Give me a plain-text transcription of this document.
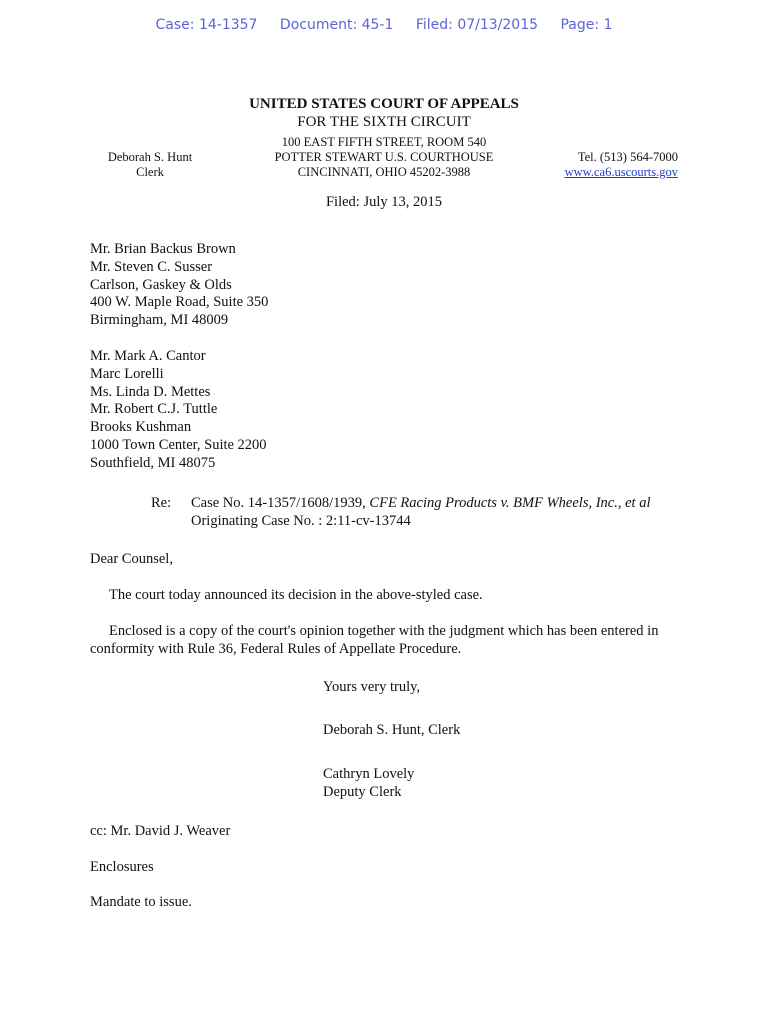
Case: 14-1357 Document: 45-1 Filed: 07/13/2015 Page: 1
UNITED STATES COURT OF APPEALS
FOR THE SIXTH CIRCUIT
100 EAST FIFTH STREET, ROOM 540
POTTER STEWART U.S. COURTHOUSE
CINCINNATI, OHIO 45202-3988
Deborah S. Hunt
Clerk
Tel. (513) 564-7000
www.ca6.uscourts.gov
Filed: July 13, 2015
Mr. Brian Backus Brown
Mr. Steven C. Susser
Carlson, Gaskey & Olds
400 W. Maple Road, Suite 350
Birmingham, MI 48009
Mr. Mark A. Cantor
Marc Lorelli
Ms. Linda D. Mettes
Mr. Robert C.J. Tuttle
Brooks Kushman
1000 Town Center, Suite 2200
Southfield, MI 48075
Re: Case No. 14-1357/1608/1939, CFE Racing Products v. BMF Wheels, Inc., et al
Originating Case No. : 2:11-cv-13744
Dear Counsel,
The court today announced its decision in the above-styled case.
Enclosed is a copy of the court's opinion together with the judgment which has been entered in conformity with Rule 36, Federal Rules of Appellate Procedure.
Yours very truly,
Deborah S. Hunt, Clerk
Cathryn Lovely
Deputy Clerk
cc: Mr. David J. Weaver
Enclosures
Mandate to issue.
